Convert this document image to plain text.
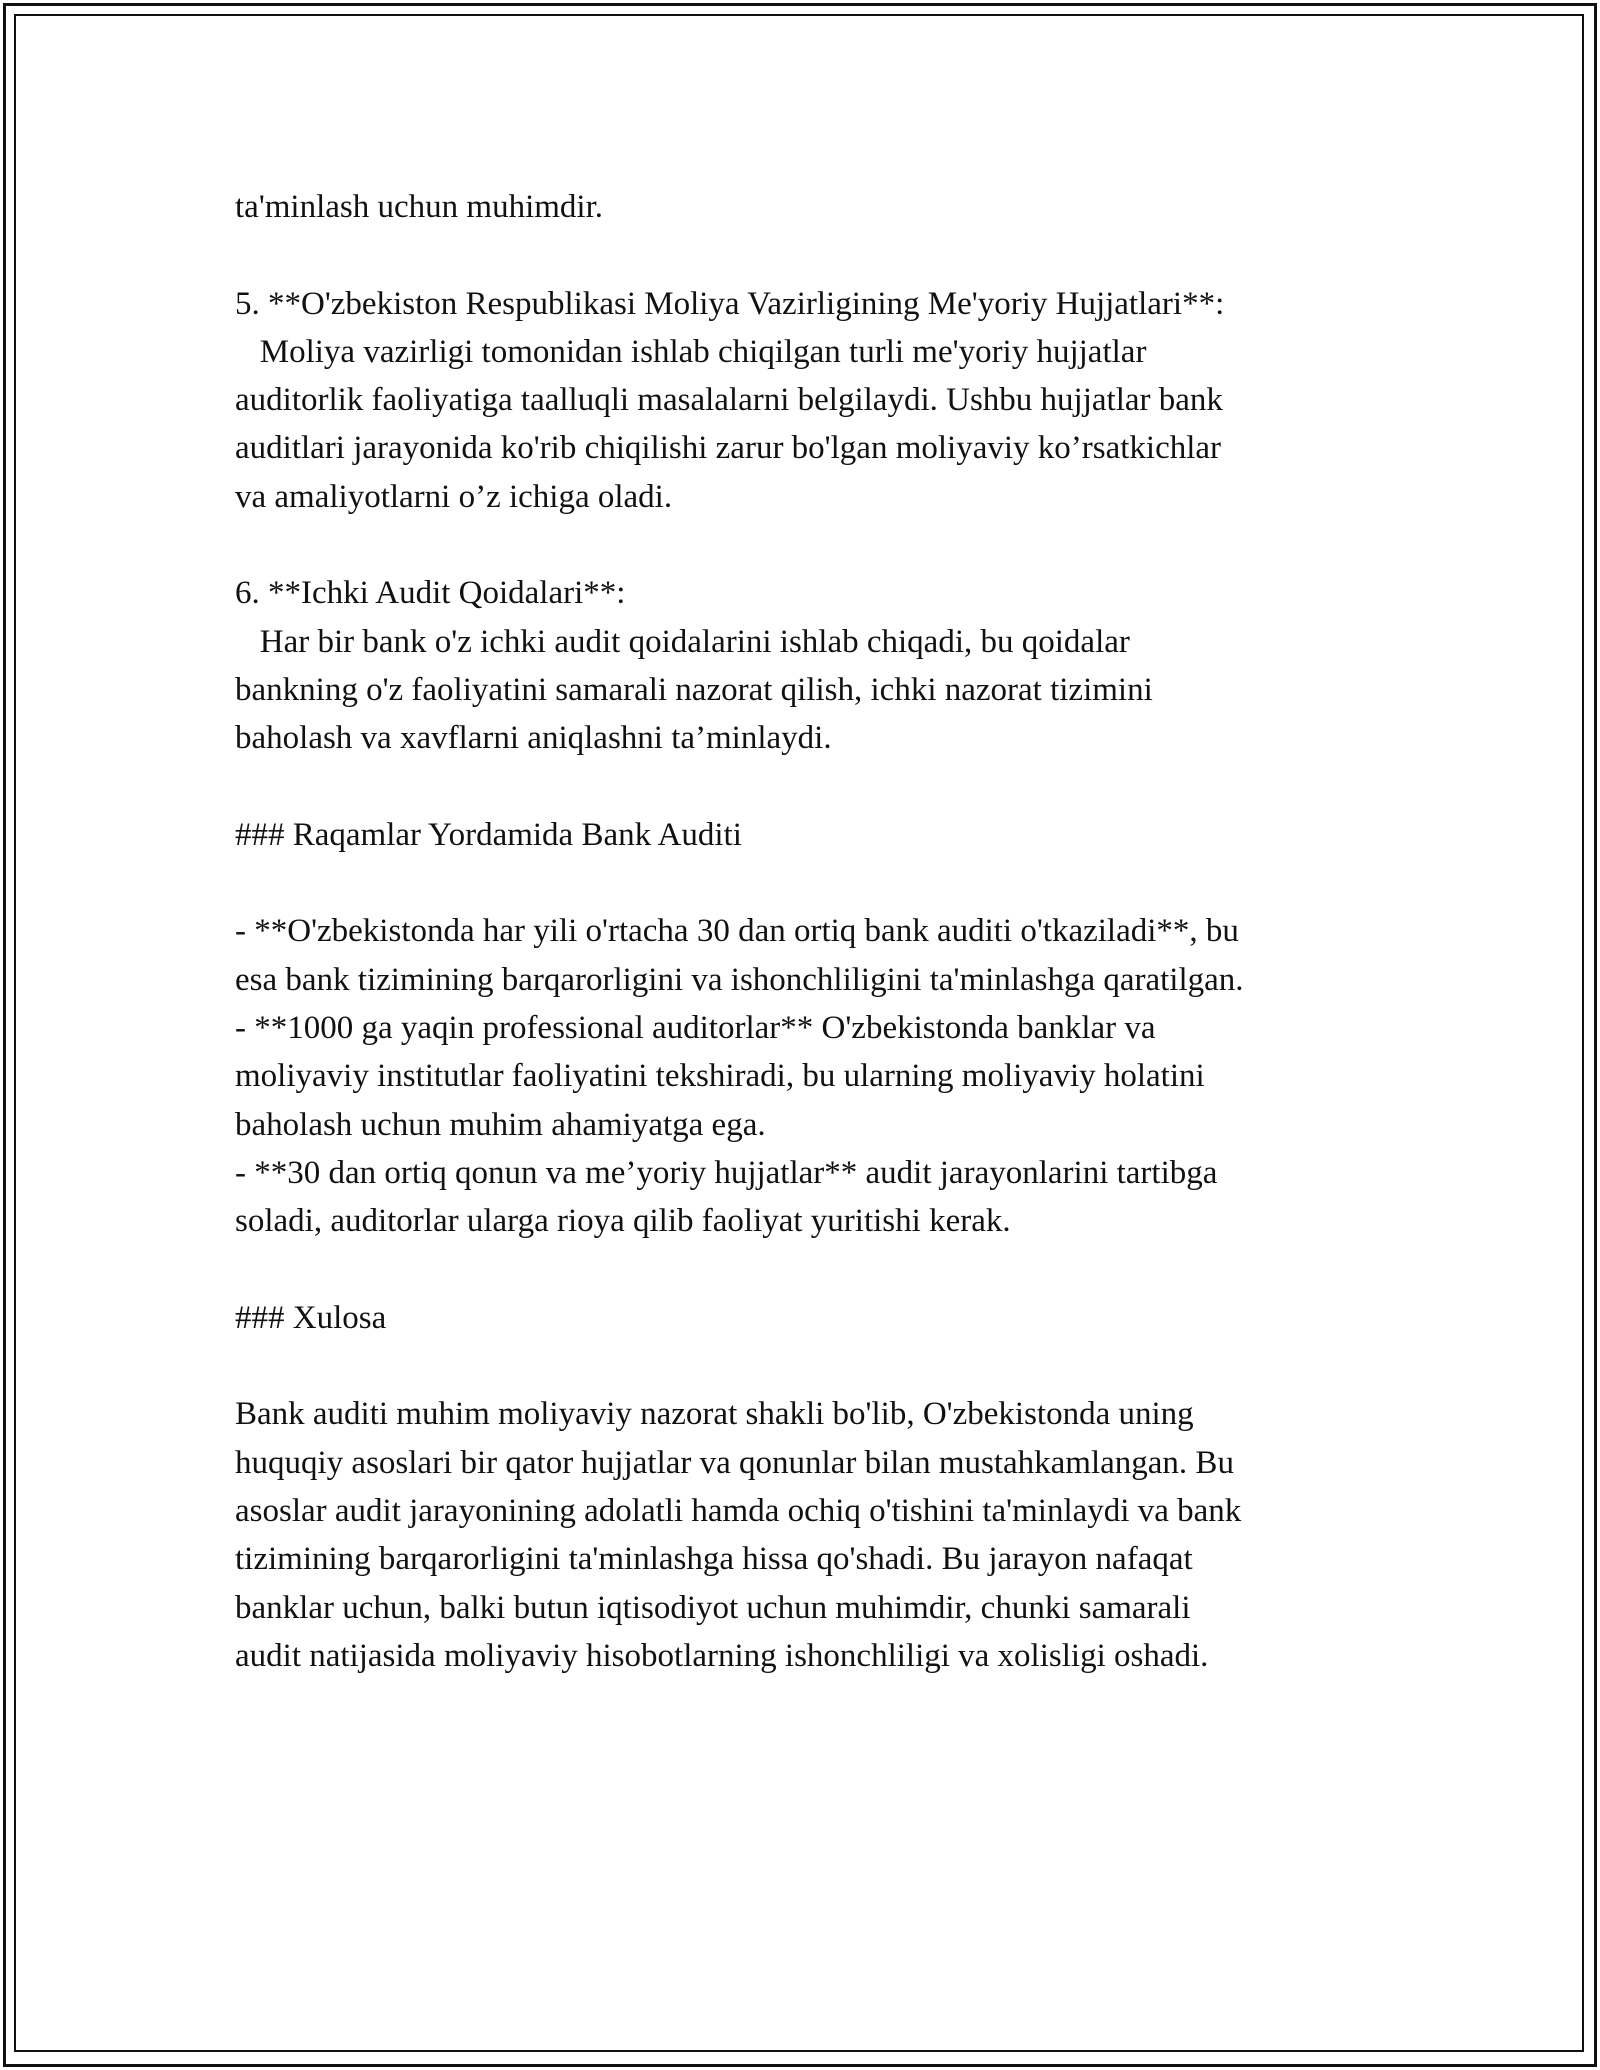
ta'minlash uchun muhimdir.
5. **O'zbekiston Respublikasi Moliya Vazirligining Me'yoriy Hujjatlari**:
Moliya vazirligi tomonidan ishlab chiqilgan turli me'yoriy hujjatlar
auditorlik faoliyatiga taalluqli masalalarni belgilaydi. Ushbu hujjatlar bank
auditlari jarayonida ko'rib chiqilishi zarur bo'lgan moliyaviy ko’rsatkichlar
va amaliyotlarni o’z ichiga oladi.
6. **Ichki Audit Qoidalari**:
Har bir bank o'z ichki audit qoidalarini ishlab chiqadi, bu qoidalar
bankning o'z faoliyatini samarali nazorat qilish, ichki nazorat tizimini
baholash va xavflarni aniqlashni ta’minlaydi.
### Raqamlar Yordamida Bank Auditi
- **O'zbekistonda har yili o'rtacha 30 dan ortiq bank auditi o'tkaziladi**, bu
esa bank tizimining barqarorligini va ishonchliligini ta'minlashga qaratilgan.
- **1000 ga yaqin professional auditorlar** O'zbekistonda banklar va
moliyaviy institutlar faoliyatini tekshiradi, bu ularning moliyaviy holatini
baholash uchun muhim ahamiyatga ega.
- **30 dan ortiq qonun va me’yoriy hujjatlar** audit jarayonlarini tartibga
soladi, auditorlar ularga rioya qilib faoliyat yuritishi kerak.
### Xulosa
Bank auditi muhim moliyaviy nazorat shakli bo'lib, O'zbekistonda uning
huquqiy asoslari bir qator hujjatlar va qonunlar bilan mustahkamlangan. Bu
asoslar audit jarayonining adolatli hamda ochiq o'tishini ta'minlaydi va bank
tizimining barqarorligini ta'minlashga hissa qo'shadi. Bu jarayon nafaqat
banklar uchun, balki butun iqtisodiyot uchun muhimdir, chunki samarali
audit natijasida moliyaviy hisobotlarning ishonchliligi va xolisligi oshadi.
